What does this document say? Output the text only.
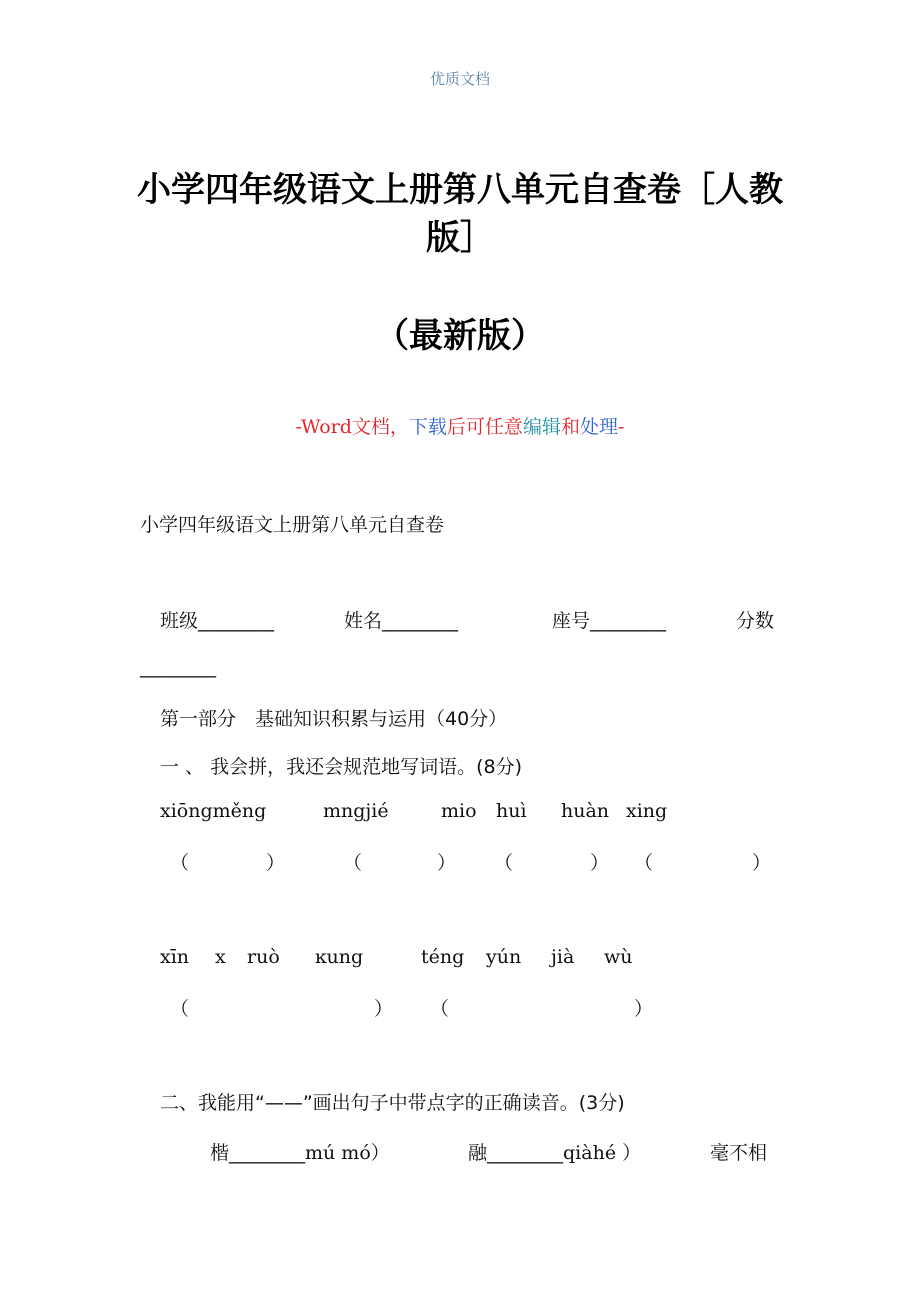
优质文档
小学四年级语文上册第八单元自查卷［人教
版］
（最新版）
-Word文档，下载后可任意编辑和处理-
小学四年级语文上册第八单元自查卷
班级________	姓名________	座号________	分数
________
第一部分　基础知识积累与运用（40分）
一 、 我会拼，我还会规范地写词语。(8分)
xiōngměng	mngjié	mio huì huàn xing
（	）	（	） （	） （	）
xīn x ruò ĸung	téng yún jià wù
（	） （	）
二、我能用“——”画出句子中带点字的正确读音。(3分)
楷________mú mó）	融________qiàhé ）	毫不相
